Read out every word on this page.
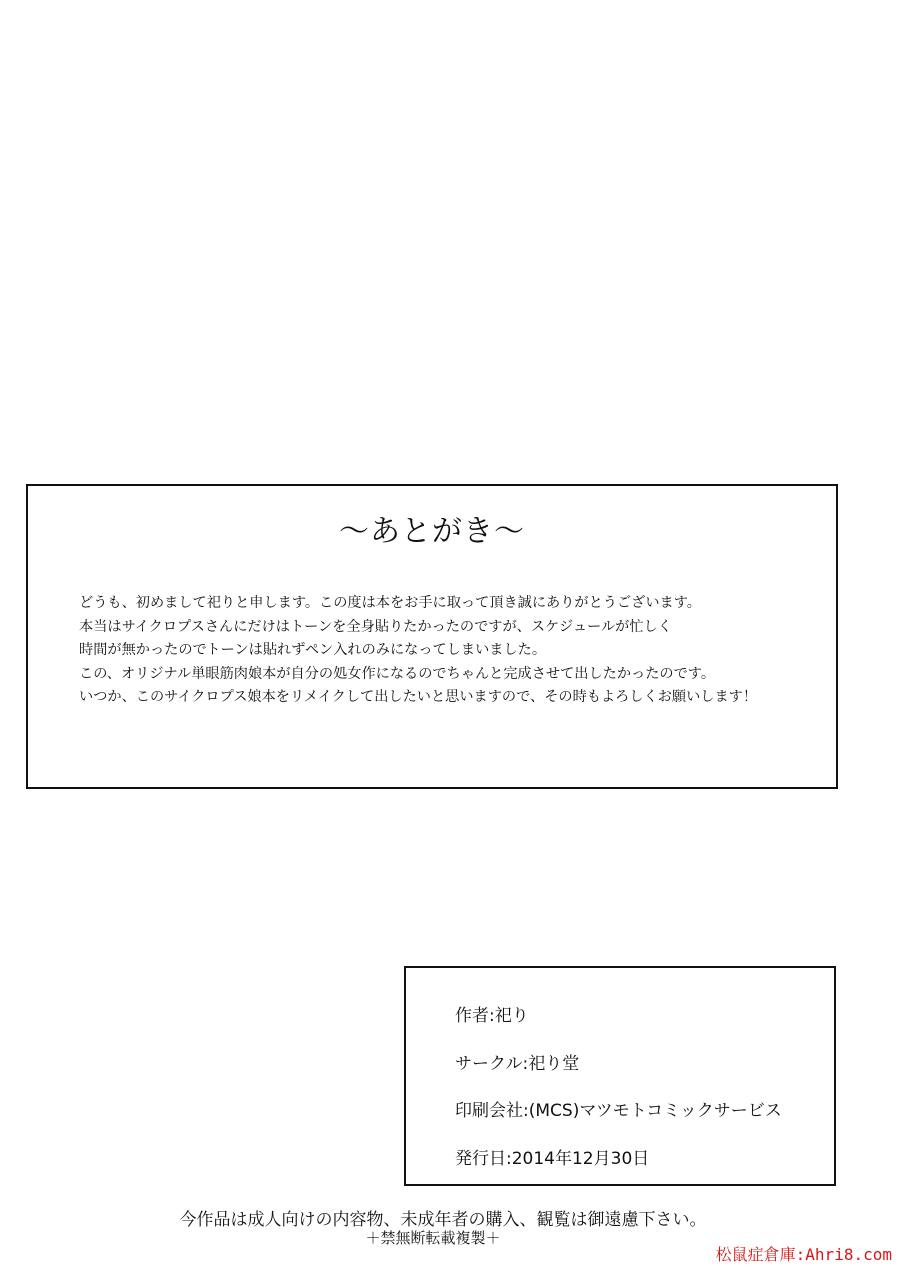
～あとがき～
どうも、初めまして祀りと申します。この度は本をお手に取って頂き誠にありがとうございます。
本当はサイクロプスさんにだけはトーンを全身貼りたかったのですが、スケジュールが忙しく
時間が無かったのでトーンは貼れずペン入れのみになってしまいました。
この、オリジナル単眼筋肉娘本が自分の処女作になるのでちゃんと完成させて出したかったのです。
いつか、このサイクロプス娘本をリメイクして出したいと思いますので、その時もよろしくお願いします！
作者:祀り
サークル:祀り堂
印刷会社:(MCS)マツモトコミックサービス
発行日:2014年12月30日
今作品は成人向けの内容物、未成年者の購入、観覧は御遠慮下さい。
＋禁無断転載複製＋
松鼠症倉庫:Ahri8.com
